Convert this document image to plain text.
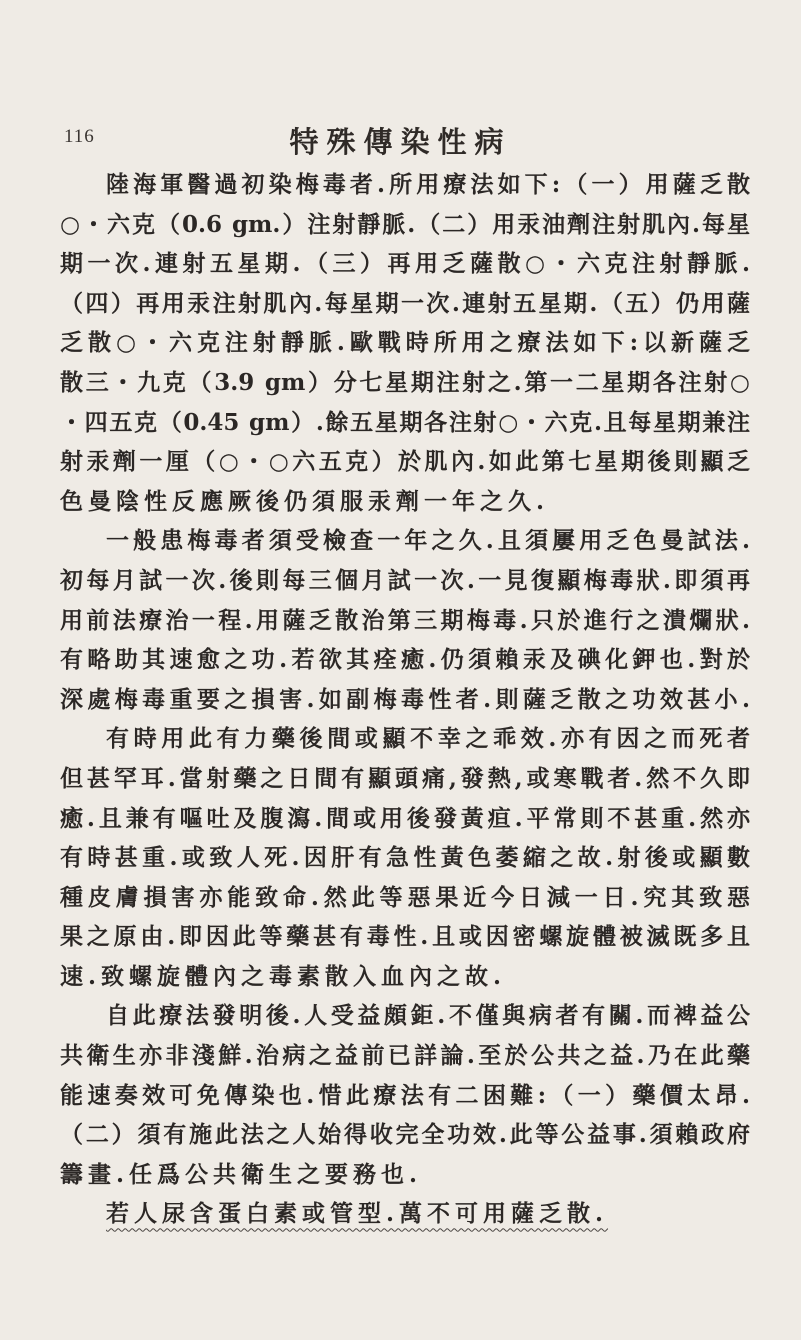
116	特殊傳染性病
陸海軍醫過初染梅毒者.所用療法如下:（一）用薩乏散
○・六克（0.6 gm.）注射靜脈.（二）用汞油劑注射肌內.每星
期一次.連射五星期.（三）再用乏薩散○・六克注射靜脈.
（四）再用汞注射肌內.每星期一次.連射五星期.（五）仍用薩
乏散○・六克注射靜脈.歐戰時所用之療法如下:以新薩乏
散三・九克（3.9 gm）分七星期注射之.第一二星期各注射○
・四五克（0.45 gm）.餘五星期各注射○・六克.且每星期兼注
射汞劑一厘（○・○六五克）於肌內.如此第七星期後則顯乏
色曼陰性反應厥後仍須服汞劑一年之久.
一般患梅毒者須受檢查一年之久.且須屢用乏色曼試法.
初每月試一次.後則每三個月試一次.一見復顯梅毒狀.即須再
用前法療治一程.用薩乏散治第三期梅毒.只於進行之潰爛狀.
有略助其速愈之功.若欲其痊癒.仍須賴汞及碘化鉀也.對於
深處梅毒重要之損害.如副梅毒性者.則薩乏散之功效甚小.
有時用此有力藥後間或顯不幸之乖效.亦有因之而死者
但甚罕耳.當射藥之日間有顯頭痛,發熱,或寒戰者.然不久即
癒.且兼有嘔吐及腹瀉.間或用後發黃疸.平常則不甚重.然亦
有時甚重.或致人死.因肝有急性黃色萎縮之故.射後或顯數
種皮膚損害亦能致命.然此等惡果近今日減一日.究其致惡
果之原由.即因此等藥甚有毒性.且或因密螺旋體被滅既多且
速.致螺旋體內之毒素散入血內之故.
自此療法發明後.人受益頗鉅.不僅與病者有關.而裨益公
共衛生亦非淺鮮.治病之益前已詳論.至於公共之益.乃在此藥
能速奏效可免傳染也.惜此療法有二困難:（一）藥價太昂.
（二）須有施此法之人始得收完全功效.此等公益事.須賴政府
籌畫.任爲公共衛生之要務也.
若人尿含蛋白素或管型.萬不可用薩乏散.
